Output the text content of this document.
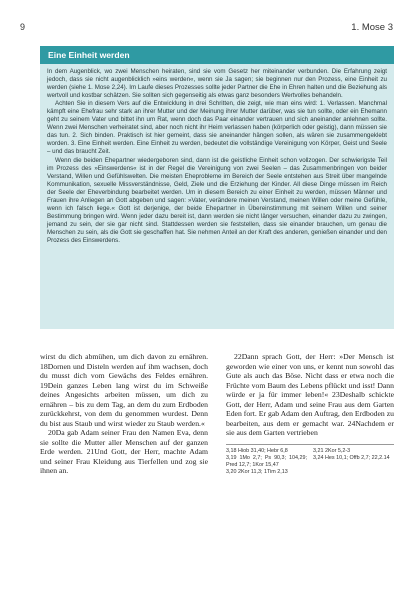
9	1. Mose 3
Eine Einheit werden

In dem Augenblick, wo zwei Menschen heiraten, sind sie vom Gesetz her miteinander verbunden. Die Erfahrung zeigt jedoch, dass sie nicht augenblicklich »eins werden«, wenn sie Ja sagen; sie beginnen nur den Prozess, eine Einheit zu werden (siehe 1. Mose 2,24). Im Laufe dieses Prozesses sollte jeder Partner die Ehe in Ehren halten und die Beziehung als wertvoll und kostbar schätzen. Sie sollten sich gegenseitig als etwas ganz besonders Wertvolles behandeln.

Achten Sie in diesem Vers auf die Entwicklung in drei Schritten, die zeigt, wie man eins wird: 1. Verlassen. Manchmal kämpft eine Ehefrau sehr stark an ihrer Mutter und der Meinung ihrer Mutter darüber, was sie tun sollte, oder ein Ehemann geht zu seinem Vater und bittet ihn um Rat, wenn doch das Paar einander vertrauen und sich aneinander anlehnen sollte. Wenn zwei Menschen verheiratet sind, aber noch nicht ihr Heim verlassen haben (körperlich oder geistig), dann müssen sie das tun. 2. Sich binden. Praktisch ist hier gemeint, dass sie aneinander hängen sollen, als wären sie zusammengeklebt worden. 3. Eine Einheit werden. Eine Einheit zu werden, bedeutet die vollständige Vereinigung von Körper, Geist und Seele – und das braucht Zeit.

Wenn die beiden Ehepartner wiedergeboren sind, dann ist die geistliche Einheit schon vollzogen. Der schwierigste Teil im Prozess des »Einswerdens« ist in der Regel die Vereinigung von zwei Seelen – das Zusammenbringen von beider Verstand, Willen und Gefühlswelten. Die meisten Eheprobleme im Bereich der Seele entstehen aus Streit über mangelnde Kommunikation, sexuelle Missverständnisse, Geld, Ziele und die Erziehung der Kinder. All diese Dinge müssen im Reich der Seele der Eheverbindung bearbeitet werden. Um in diesem Bereich zu einer Einheit zu werden, müssen Männer und Frauen ihre Anliegen an Gott abgeben und sagen: »Vater, verändere meinen Verstand, meinen Willen oder meine Gefühle, wenn ich falsch liege.« Gott ist derjenige, der beide Ehepartner in Übereinstimmung mit seinem Willen und seiner Bestimmung bringen wird. Wenn jeder dazu bereit ist, dann werden sie nicht länger versuchen, einander dazu zu zwingen, jemand zu sein, der sie gar nicht sind. Stattdessen werden sie feststellen, dass sie einander brauchen, um genau die Menschen zu sein, als die Gott sie geschaffen hat. Sie nehmen Anteil an der Kraft des anderen, genießen einander und den Prozess des Einswerdens.

wirst du dich abmühen, um dich davon zu ernähren. 18Dornen und Disteln werden auf ihm wachsen, doch du musst dich vom Gewächs des Feldes ernähren. 19Dein ganzes Leben lang wirst du im Schweiße deines Angesichts arbeiten müssen, um dich zu ernähren – bis zu dem Tag, an dem du zum Erdboden zurückkehrst, von dem du genommen wurdest. Denn du bist aus Staub und wirst wieder zu Staub werden.«

20Da gab Adam seiner Frau den Namen Eva, denn sie sollte die Mutter aller Menschen auf der ganzen Erde werden. 21Und Gott, der Herr, machte Adam und seiner Frau Kleidung aus Tierfellen und zog sie ihnen an.

22Dann sprach Gott, der Herr: »Der Mensch ist geworden wie einer von uns, er kennt nun sowohl das Gute als auch das Böse. Nicht dass er etwa noch die Früchte vom Baum des Lebens pflückt und isst! Dann würde er ja für immer leben!« 23Deshalb schickte Gott, der Herr, Adam und seine Frau aus dem Garten Eden fort. Er gab Adam den Auftrag, den Erdboden zu bearbeiten, aus dem er gemacht war. 24Nachdem er sie aus dem Garten vertrieben

3,18 Hiob 31,40; Hebr 6,8	3,21 2Kor 5,2-3
3,19 1Mo 2,7; Ps 90,3; 104,29; Pred 12,7; 1Kor 15,47
3,24 Hes 10,1; Offb 2,7; 22,2.14
3,20 2Kor 11,3; 1Tim 2,13
